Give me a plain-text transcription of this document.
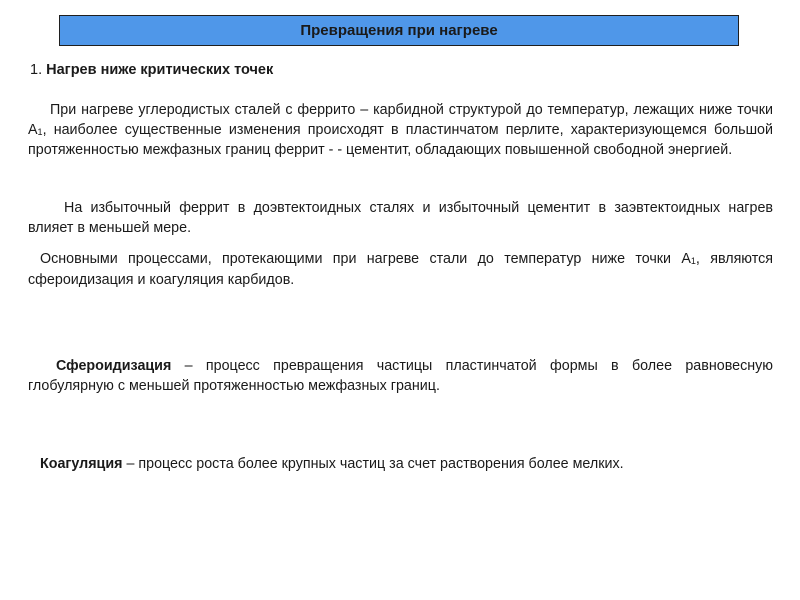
Превращения при нагреве
1. Нагрев ниже критических точек
При нагреве углеродистых сталей с феррито – карбидной структурой до температур, лежащих ниже точки $А_1$, наиболее существенные изменения происходят в пластинчатом перлите, характеризующемся большой протяженностью межфазных границ феррит - - цементит, обладающих повышенной свободной энергией.
На избыточный феррит в доэвтектоидных сталях и избыточный цементит в заэвтектоидных нагрев влияет в меньшей мере.
Основными процессами, протекающими при нагреве стали до температур ниже точки $А_1$, являются сфероидизация и коагуляция карбидов.
Сфероидизация – процесс превращения частицы пластинчатой формы в более равновесную глобулярную с меньшей протяженностью межфазных границ.
Коагуляция – процесс роста более крупных частиц за счет растворения более мелких.
